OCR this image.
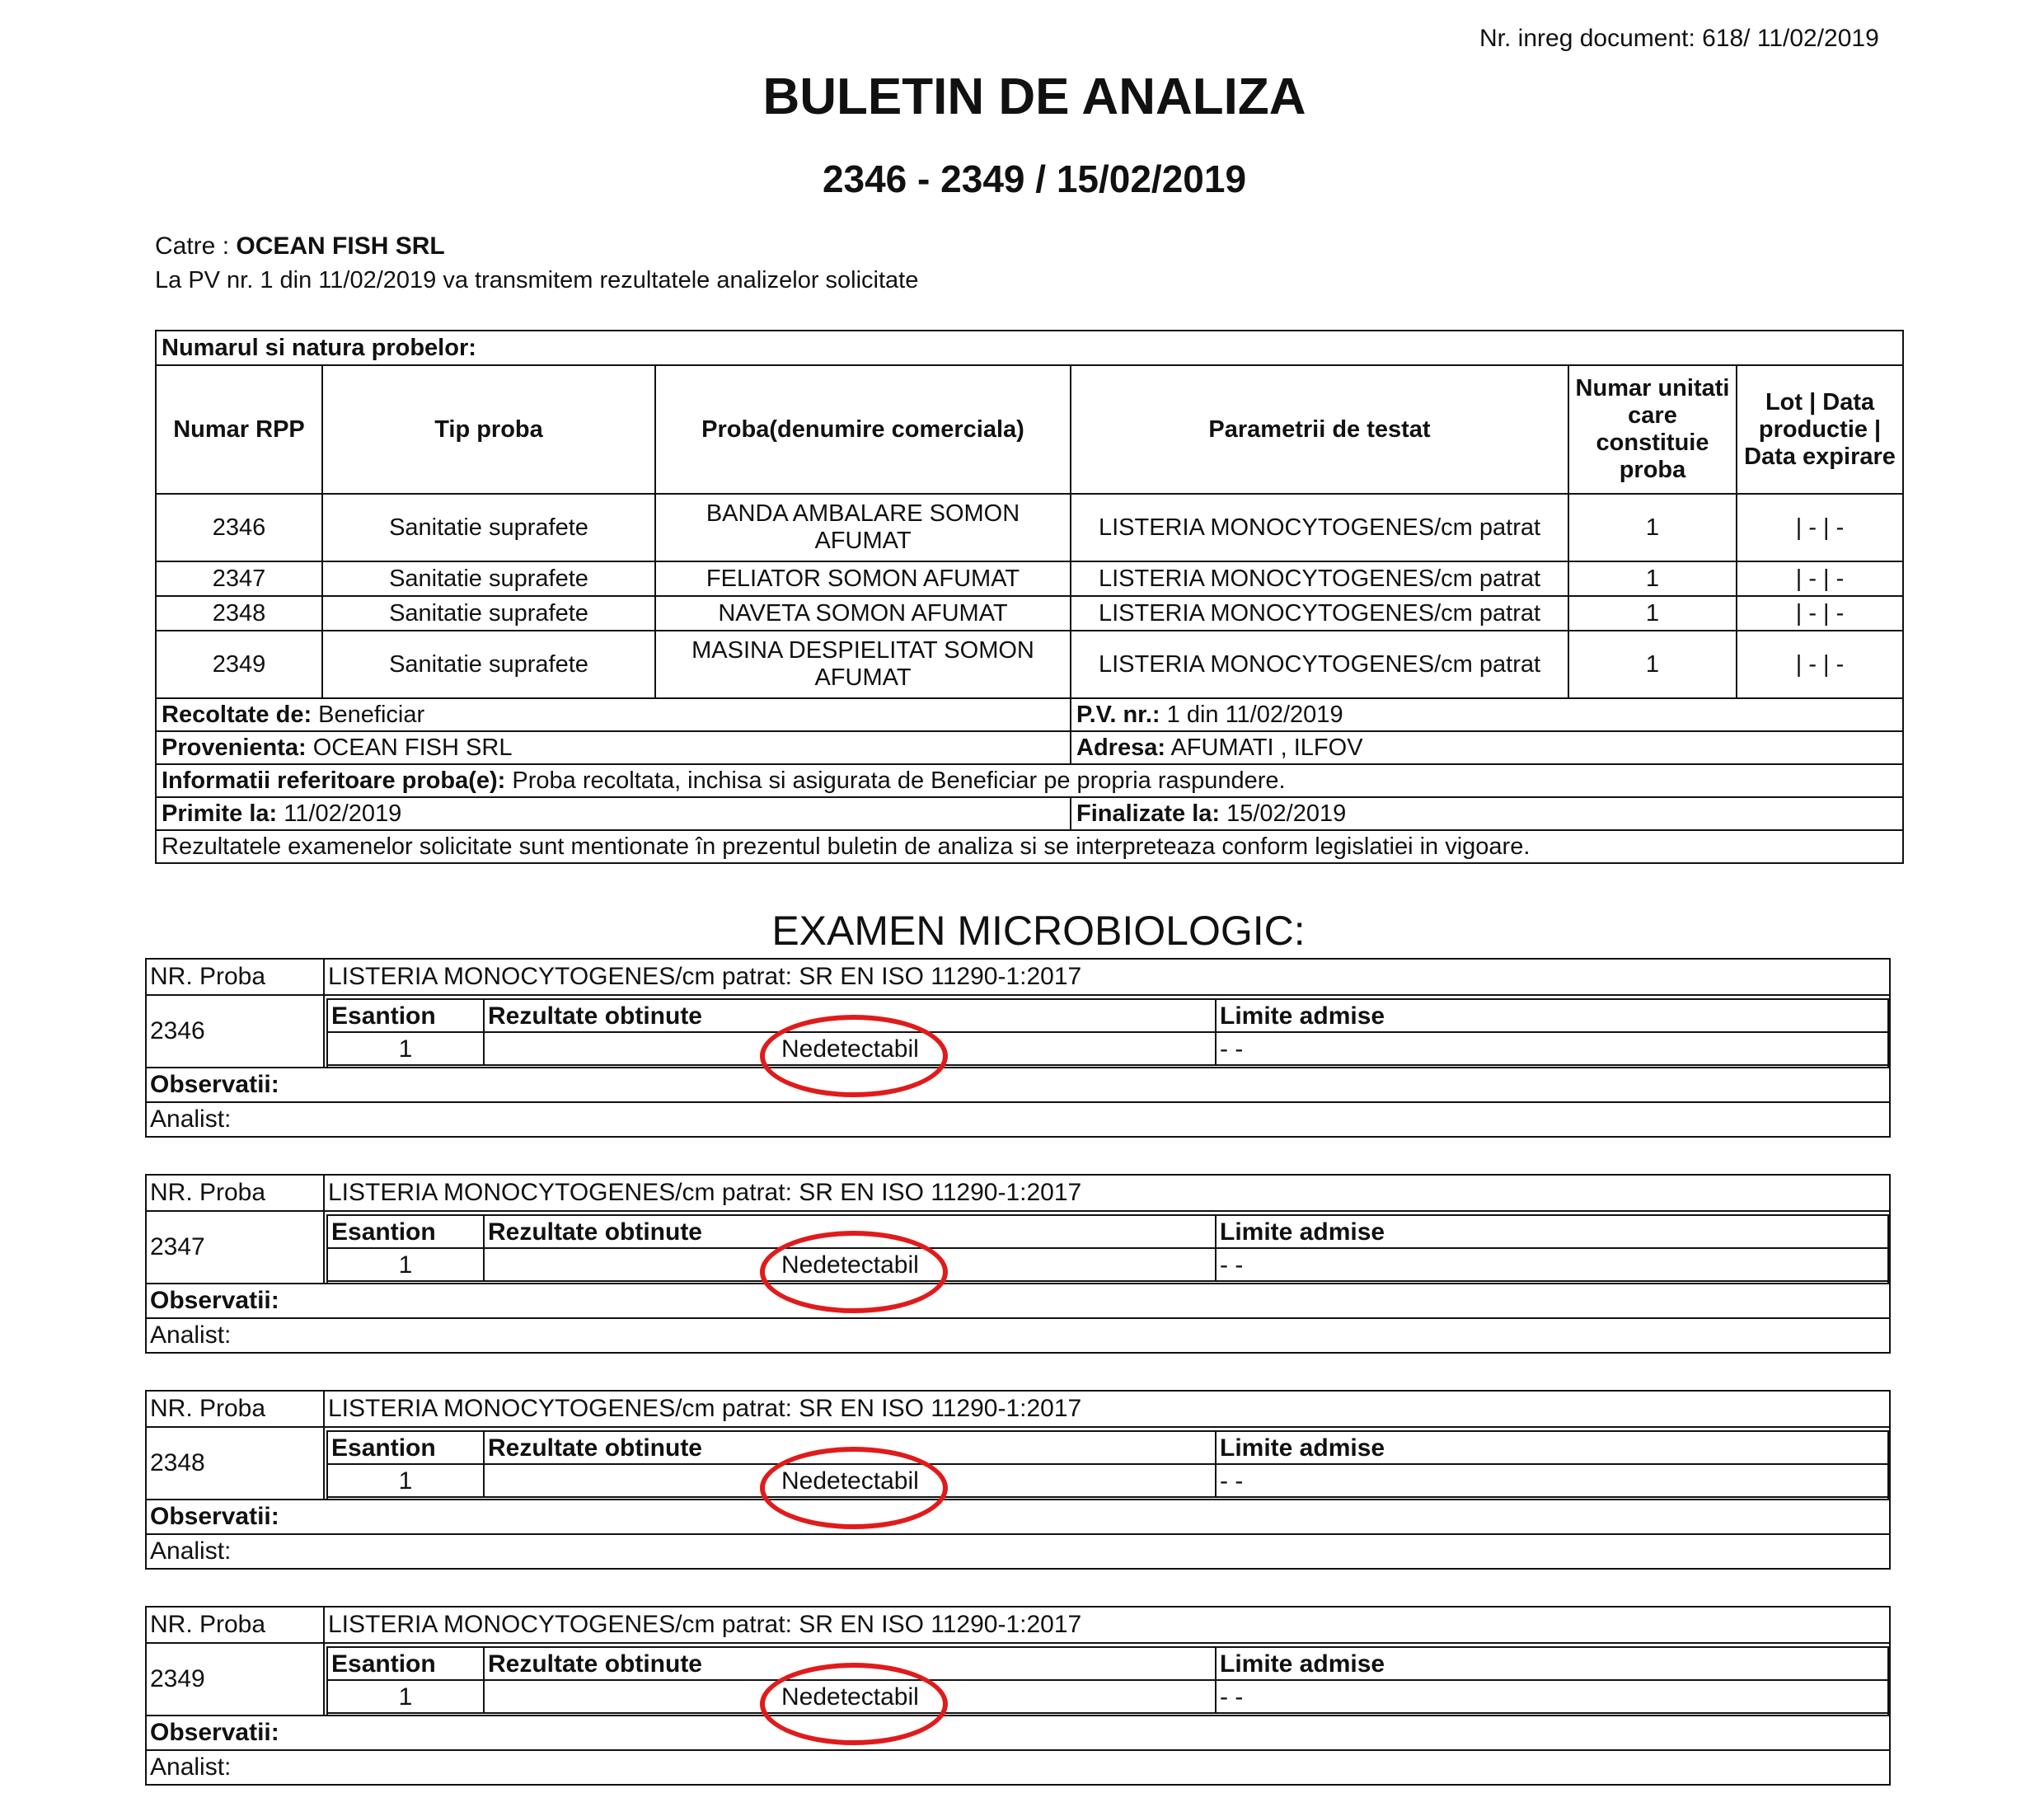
Nr. inreg document: 618/ 11/02/2019
BULETIN DE ANALIZA
2346 - 2349 / 15/02/2019
Catre : OCEAN FISH SRL
La PV nr. 1 din 11/02/2019 va transmitem rezultatele analizelor solicitate
Numarul si natura probelor:					
Numar RPP	Tip proba	Proba(denumire comerciala)	Parametrii de testat	Numar unitati care constituie proba	Lot | Data productie | Data expirare
2346	Sanitatie suprafete	BANDA AMBALARE SOMON AFUMAT	LISTERIA MONOCYTOGENES/cm patrat	1	| - | -
2347	Sanitatie suprafete	FELIATOR SOMON AFUMAT	LISTERIA MONOCYTOGENES/cm patrat	1	| - | -
2348	Sanitatie suprafete	NAVETA SOMON AFUMAT	LISTERIA MONOCYTOGENES/cm patrat	1	| - | -
2349	Sanitatie suprafete	MASINA DESPIELITAT SOMON AFUMAT	LISTERIA MONOCYTOGENES/cm patrat	1	| - | -
Recoltate de: Beneficiar			P.V. nr.: 1 din 11/02/2019		
Provenienta: OCEAN FISH SRL			Adresa: AFUMATI , ILFOV		
Informatii referitoare proba(e): Proba recoltata, inchisa si asigurata de Beneficiar pe propria raspundere.					
Primite la: 11/02/2019			Finalizate la: 15/02/2019		
Rezultatele examenelor solicitate sunt mentionate în prezentul buletin de analiza si se interpreteaza conform legislatiei in vigoare.					
EXAMEN MICROBIOLOGIC:
NR. Proba	LISTERIA MONOCYTOGENES/cm patrat: SR EN ISO 11290-1:2017
2346
Esantion	Rezultate obtinute	Limite admise
1	Nedetectabil	- -
Observatii:
Analist:
NR. Proba	LISTERIA MONOCYTOGENES/cm patrat: SR EN ISO 11290-1:2017
2347
Esantion	Rezultate obtinute	Limite admise
1	Nedetectabil	- -
Observatii:
Analist:
NR. Proba	LISTERIA MONOCYTOGENES/cm patrat: SR EN ISO 11290-1:2017
2348
Esantion	Rezultate obtinute	Limite admise
1	Nedetectabil	- -
Observatii:
Analist:
NR. Proba	LISTERIA MONOCYTOGENES/cm patrat: SR EN ISO 11290-1:2017
2349
Esantion	Rezultate obtinute	Limite admise
1	Nedetectabil	- -
Observatii:
Analist:
